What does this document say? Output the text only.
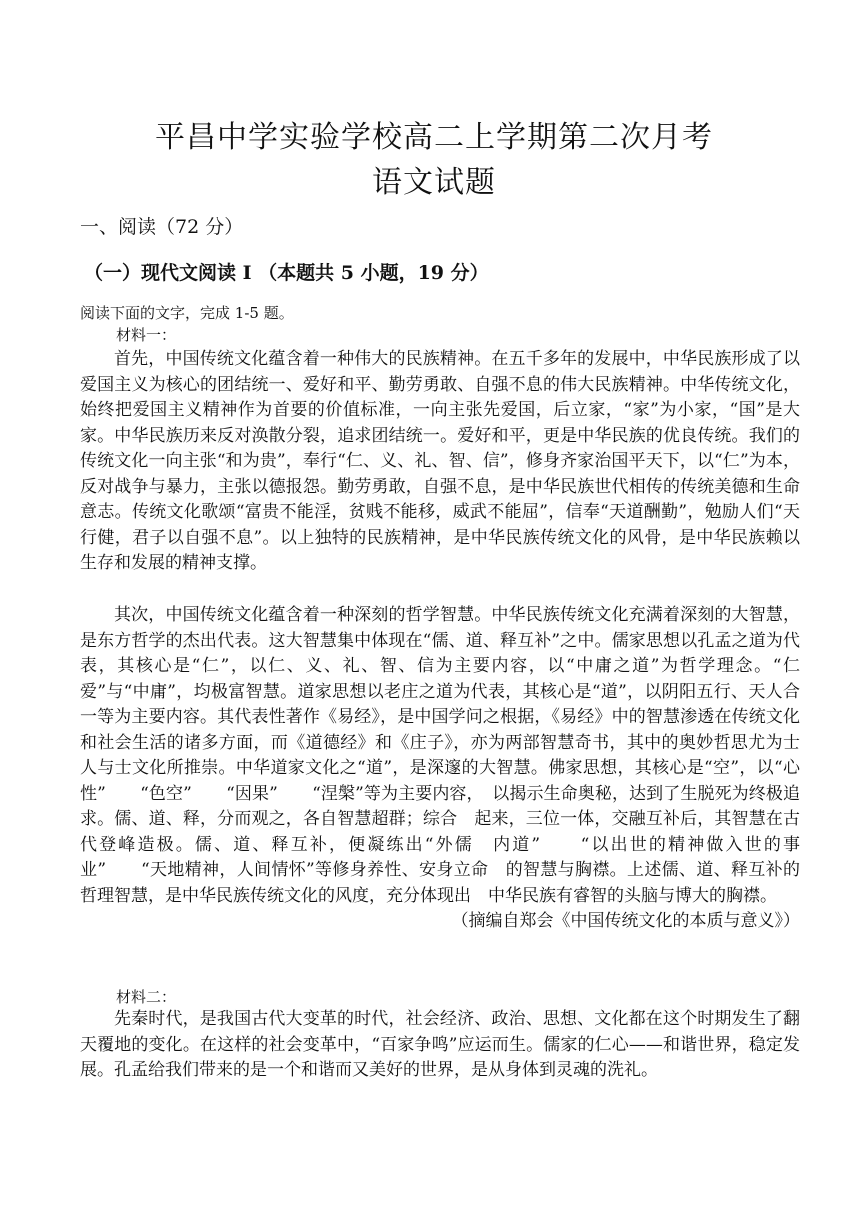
平昌中学实验学校高二上学期第二次月考
语文试题
一、阅读（72 分）
（一）现代文阅读 I （本题共 5 小题，19 分）
阅读下面的文字，完成 1-5 题。
材料一：

首先，中国传统文化蕴含着一种伟大的民族精神。在五千多年的发展中，中华民族形成了以爱国主义为核心的团结统一、爱好和平、勤劳勇敢、自强不息的伟大民族精神。中华传统文化，始终把爱国主义精神作为首要的价值标准，一向主张先爱国，后立家，“家”为小家，“国”是大家。中华民族历来反对涣散分裂，追求团结统一。爱好和平，更是中华民族的优良传统。我们的传统文化一向主张“和为贵”，奉行“仁、义、礼、智、信”，修身齐家治国平天下，以“仁”为本，反对战争与暴力，主张以德报怨。勤劳勇敢，自强不息，是中华民族世代相传的传统美德和生命意志。传统文化歌颂“富贵不能淫，贫贱不能移，威武不能屈”，信奉“天道酬勤”，勉励人们“天行健，君子以自强不息”。以上独特的民族精神，是中华民族传统文化的风骨，是中华民族赖以生存和发展的精神支撑。

其次，中国传统文化蕴含着一种深刻的哲学智慧。中华民族传统文化充满着深刻的大智慧，是东方哲学的杰出代表。这大智慧集中体现在“儒、道、释互补”之中。儒家思想以孔孟之道为代表，其核心是“仁”，以仁、义、礼、智、信为主要内容，以“中庸之道”为哲学理念。“仁爱”与“中庸”，均极富智慧。道家思想以老庄之道为代表，其核心是“道”，以阴阳五行、天人合一等为主要内容。其代表性著作《易经》，是中国学问之根据，《易经》中的智慧渗透在传统文化和社会生活的诸多方面，而《道德经》和《庄子》，亦为两部智慧奇书，其中的奥妙哲思尤为士人与士文化所推崇。中华道家文化之“道”，是深邃的大智慧。佛家思想，其核心是“空”，以“心性”　　“色空”　　“因果”　　“涅槃”等为主要内容，　以揭示生命奥秘，达到了生脱死为终极追求。儒、道、释，分而观之，各自智慧超群；综合　起来，三位一体，交融互补后，其智慧在古代登峰造极。儒、道、释互补，便凝练出“外儒　内道”　　“以出世的精神做入世的事业”　　“天地精神，人间情怀”等修身养性、安身立命　的智慧与胸襟。上述儒、道、释互补的哲理智慧，是中华民族传统文化的风度，充分体现出　中华民族有睿智的头脑与博大的胸襟。

（摘编自郑会《中国传统文化的本质与意义》）

材料二：

先秦时代，是我国古代大变革的时代，社会经济、政治、思想、文化都在这个时期发生了翻天覆地的变化。在这样的社会变革中，“百家争鸣”应运而生。儒家的仁心——和谐世界，稳定发展。孔孟给我们带来的是一个和谐而又美好的世界，是从身体到灵魂的洗礼。
